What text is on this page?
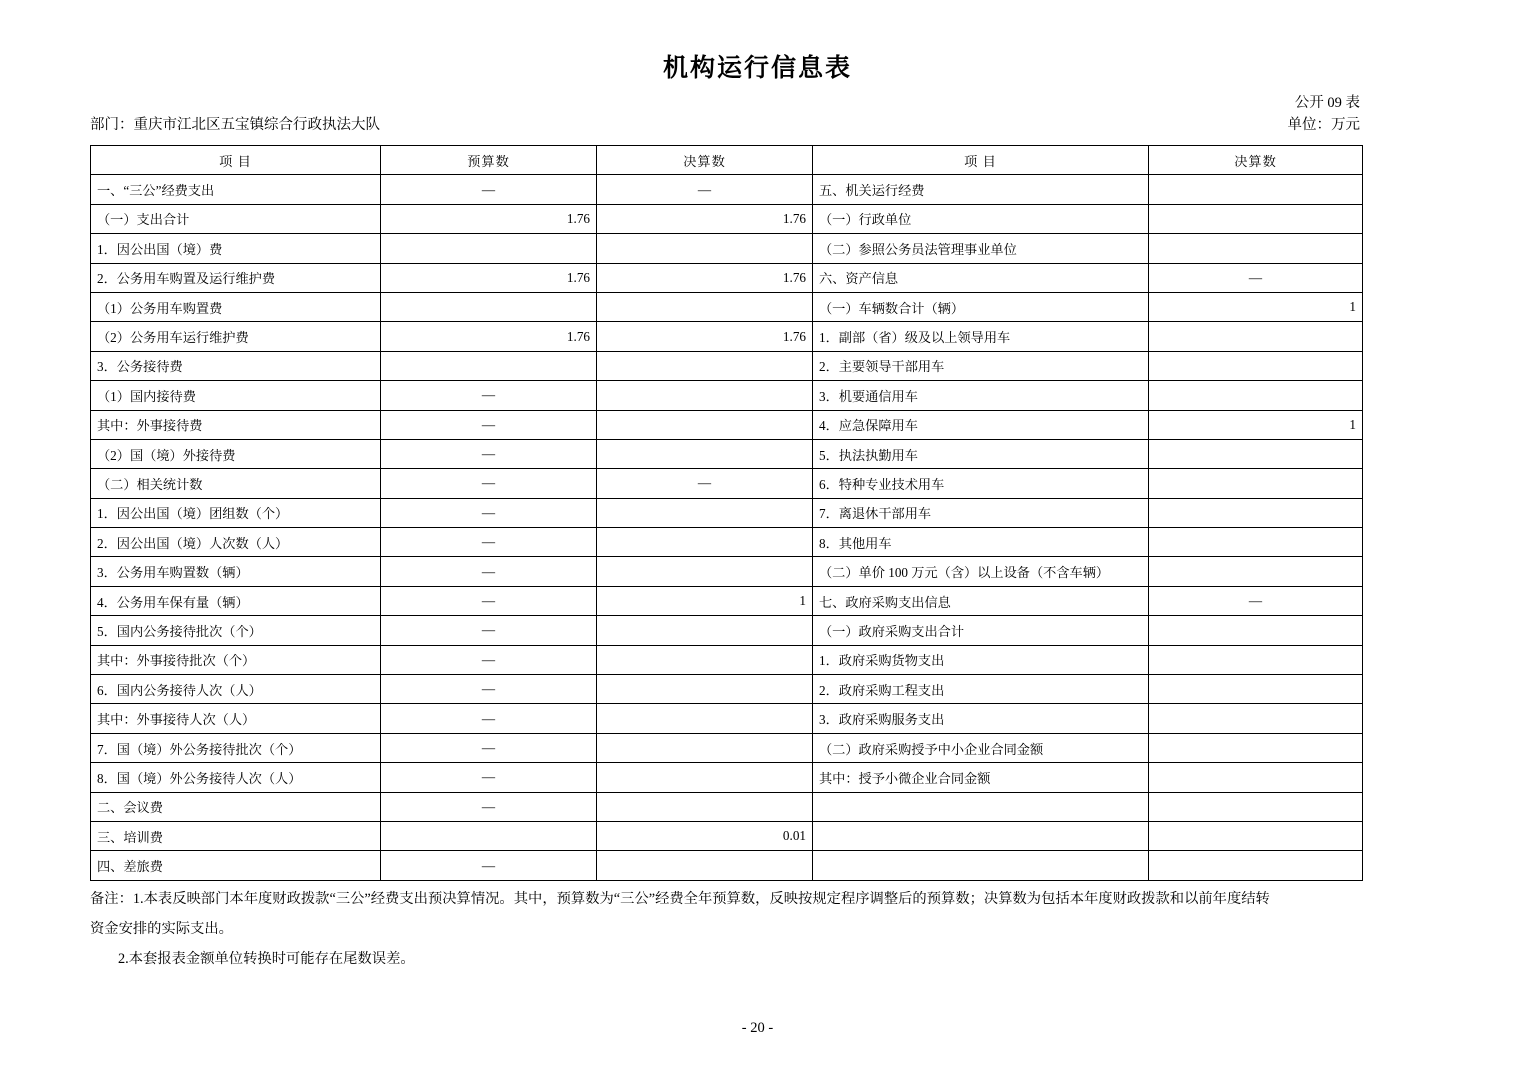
机构运行信息表
公开 09 表
单位：万元
部门：重庆市江北区五宝镇综合行政执法大队
项 目	预算数	决算数	项 目	决算数
一、“三公”经费支出	—	—	五、机关运行经费	
（一）支出合计	1.76	1.76	（一）行政单位	
1．因公出国（境）费			（二）参照公务员法管理事业单位	
2．公务用车购置及运行维护费	1.76	1.76	六、资产信息	—
（1）公务用车购置费			（一）车辆数合计（辆）	1
（2）公务用车运行维护费	1.76	1.76	1．副部（省）级及以上领导用车	
3．公务接待费			2．主要领导干部用车	
（1）国内接待费	—		3．机要通信用车	
其中：外事接待费	—		4．应急保障用车	1
（2）国（境）外接待费	—		5．执法执勤用车	
（二）相关统计数	—	—	6．特种专业技术用车	
1．因公出国（境）团组数（个）	—		7．离退休干部用车	
2．因公出国（境）人次数（人）	—		8．其他用车	
3．公务用车购置数（辆）	—		（二）单价 100 万元（含）以上设备（不含车辆）	
4．公务用车保有量（辆）	—	1	七、政府采购支出信息	—
5．国内公务接待批次（个）	—		（一）政府采购支出合计	
其中：外事接待批次（个）	—		1．政府采购货物支出	
6．国内公务接待人次（人）	—		2．政府采购工程支出	
其中：外事接待人次（人）	—		3．政府采购服务支出	
7．国（境）外公务接待批次（个）	—		（二）政府采购授予中小企业合同金额	
8．国（境）外公务接待人次（人）	—		其中：授予小微企业合同金额	
二、会议费	—			
三、培训费		0.01		
四、差旅费	—			

备注：1.本表反映部门本年度财政拨款“三公”经费支出预决算情况。其中，预算数为“三公”经费全年预算数，反映按规定程序调整后的预算数；决算数为包括本年度财政拨款和以前年度结转

资金安排的实际支出。

2.本套报表金额单位转换时可能存在尾数误差。

- 20 -
